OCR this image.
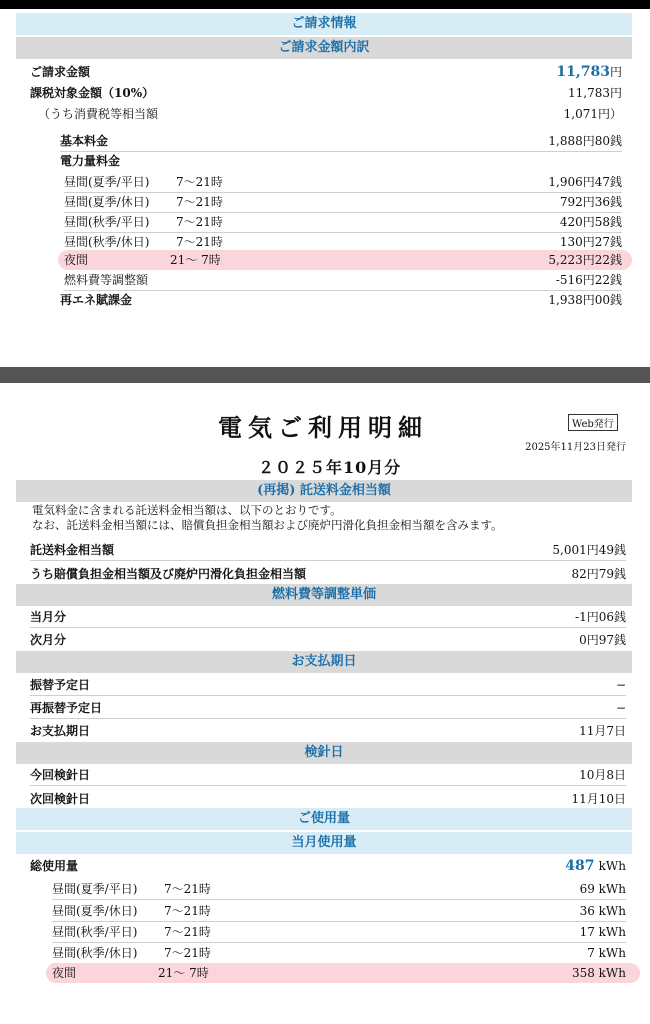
ご請求情報
ご請求金額内訳
ご請求金額	11,783円
課税対象金額（10%）	11,783円
（うち消費税等相当額	1,071円）
基本料金	1,888円80銭
電力量料金
昼間(夏季/平日) 7〜21時	1,906円47銭
昼間(夏季/休日) 7〜21時	792円36銭
昼間(秋季/平日) 7〜21時	420円58銭
昼間(秋季/休日) 7〜21時	130円27銭
夜間	21〜 7時	5,223円22銭
燃料費等調整額	-516円22銭
再エネ賦課金	1,938円00銭
電気ご利用明細	Web発行
2025年11月23日発行
２０２５年10月分
(再掲) 託送料金相当額
電気料金に含まれる託送料金相当額は、以下のとおりです。
なお、託送料金相当額には、賠償負担金相当額および廃炉円滑化負担金相当額を含みます。
託送料金相当額	5,001円49銭
うち賠償負担金相当額及び廃炉円滑化負担金相当額	82円79銭
燃料費等調整単価
当月分	-1円06銭
次月分	0円97銭
お支払期日
振替予定日	−
再振替予定日	−
お支払期日	11月7日
検針日
今回検針日	10月8日
次回検針日	11月10日
ご使用量
当月使用量
総使用量	487 kWh
昼間(夏季/平日) 7〜21時	69 kWh
昼間(夏季/休日) 7〜21時	36 kWh
昼間(秋季/平日) 7〜21時	17 kWh
昼間(秋季/休日) 7〜21時	7 kWh
夜間	21〜 7時	358 kWh
